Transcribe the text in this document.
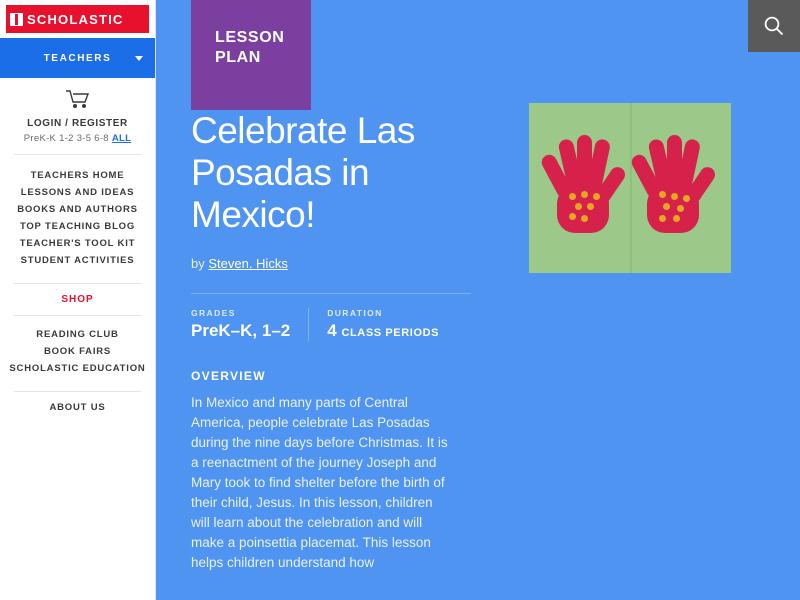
SCHOLASTIC
TEACHERS
LOGIN / REGISTER
PreK-K 1-2 3-5 6-8 ALL
TEACHERS HOME
LESSONS AND IDEAS
BOOKS AND AUTHORS
TOP TEACHING BLOG
TEACHER'S TOOL KIT
STUDENT ACTIVITIES
SHOP
READING CLUB
BOOK FAIRS
SCHOLASTIC EDUCATION
ABOUT US
LESSON
PLAN
Celebrate Las Posadas in Mexico!
by Steven. Hicks
GRADES
PreK–K, 1–2
DURATION
4 CLASS PERIODS
OVERVIEW

In Mexico and many parts of Central America, people celebrate Las Posadas during the nine days before Christmas. It is a reenactment of the journey Joseph and Mary took to find shelter before the birth of their child, Jesus. In this lesson, children will learn about the celebration and will make a poinsettia placemat. This lesson helps children understand how
